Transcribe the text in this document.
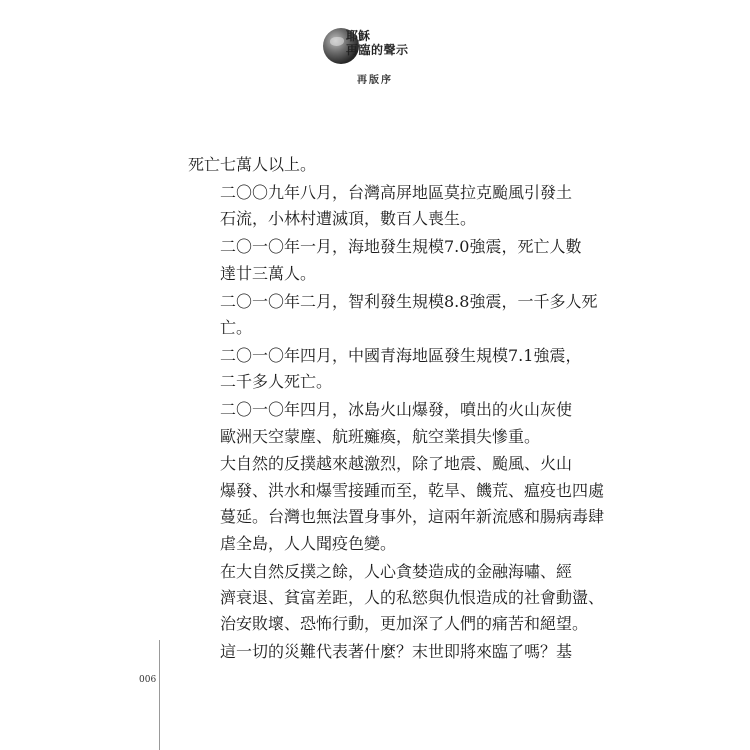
耶穌
再臨的聲示
再版序

死亡七萬人以上。

二〇〇九年八月，台灣高屏地區莫拉克颱風引發土
石流，小林村遭滅頂，數百人喪生。

二〇一〇年一月，海地發生規模7.0強震，死亡人數
達廿三萬人。

二〇一〇年二月，智利發生規模8.8強震，一千多人死
亡。

二〇一〇年四月，中國青海地區發生規模7.1強震，
二千多人死亡。

二〇一〇年四月，冰島火山爆發，噴出的火山灰使
歐洲天空蒙塵、航班癱瘓，航空業損失慘重。

大自然的反撲越來越激烈，除了地震、颱風、火山
爆發、洪水和爆雪接踵而至，乾旱、饑荒、瘟疫也四處
蔓延。台灣也無法置身事外，這兩年新流感和腸病毒肆
虐全島，人人聞疫色變。

在大自然反撲之餘，人心貪婪造成的金融海嘯、經
濟衰退、貧富差距，人的私慾與仇恨造成的社會動盪、
治安敗壞、恐怖行動，更加深了人們的痛苦和絕望。

這一切的災難代表著什麼？末世即將來臨了嗎？基

006
